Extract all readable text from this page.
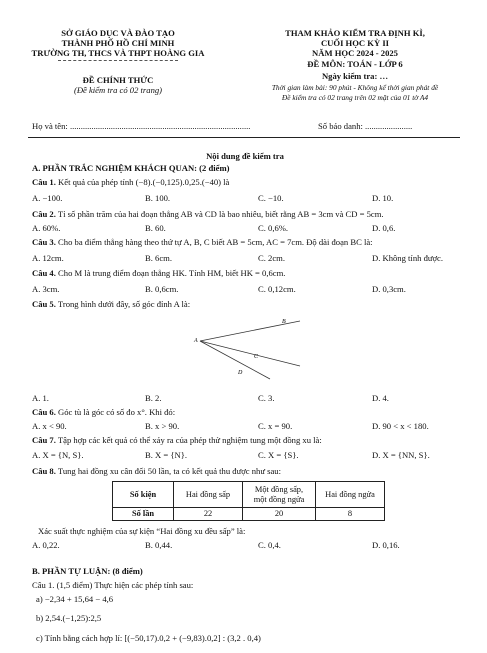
SỞ GIÁO DỤC VÀ ĐÀO TẠO
THÀNH PHỐ HỒ CHÍ MINH
TRƯỜNG TH, THCS VÀ THPT HOÀNG GIA
ĐỀ CHÍNH THỨC
(Đề kiểm tra có 02 trang)
THAM KHẢO KIỂM TRA ĐỊNH KÌ,
CUỐI HỌC KỲ II
NĂM HỌC 2024 - 2025
ĐỀ MÔN: TOÁN - LỚP 6
Ngày kiểm tra: …
Thời gian làm bài: 90 phút - Không kể thời gian phát đề
Đề kiểm tra có 02 trang trên 02 mặt của 01 tờ A4
Họ và tên: ....................................................................................	Số báo danh: ......................
Nội dung đề kiểm tra
A. PHẦN TRẮC NGHIỆM KHÁCH QUAN: (2 điểm)
Câu 1. Kết quả của phép tính (−8).(−0,125).0,25.(−40) là
A. −100.	B. 100.	C. −10.	D. 10.
Câu 2. Tỉ số phần trăm của hai đoạn thẳng AB và CD là bao nhiêu, biết rằng AB = 3cm và CD = 5cm.
A. 60%.	B. 60.	C. 0,6%.	D. 0,6.
Câu 3. Cho ba điểm thẳng hàng theo thứ tự A, B, C biết AB = 5cm, AC = 7cm. Độ dài đoạn BC là:
A. 12cm.	B. 6cm.	C. 2cm.	D. Không tính được.
Câu 4. Cho M là trung điểm đoạn thẳng HK. Tính HM, biết HK = 0,6cm.
A. 3cm.	B. 0,6cm.	C. 0,12cm.	D. 0,3cm.
Câu 5. Trong hình dưới đây, số góc đỉnh A là:
A
B
C
D
A. 1.	B. 2.	C. 3.	D. 4.
Câu 6. Góc tù là góc có số đo x°. Khi đó:
A. x < 90.	B. x > 90.	C. x = 90.	D. 90 < x < 180.
Câu 7. Tập hợp các kết quả có thể xảy ra của phép thử nghiệm tung một đồng xu là:
A. X = {N, S}.	B. X = {N}.	C. X = {S}.	D. X = {NN, S}.
Câu 8. Tung hai đồng xu cân đối 50 lần, ta có kết quả thu được như sau:
Số kiện	Hai đồng sấp	Một đồng sấp,
một đồng ngửa	Hai đồng ngửa
Số lần	22	20	8
Xác suất thực nghiệm của sự kiện “Hai đồng xu đều sấp” là:
A. 0,22.	B. 0,44.	C. 0,4.	D. 0,16.
B. PHẦN TỰ LUẬN: (8 điểm)
Câu 1. (1,5 điểm) Thực hiện các phép tính sau:
a) −2,34 + 15,64 − 4,6
b) 2,54.(−1,25):2,5
c) Tính bằng cách hợp lí: [(−50,17).0,2 + (−9,83).0,2] : (3,2 . 0,4)
